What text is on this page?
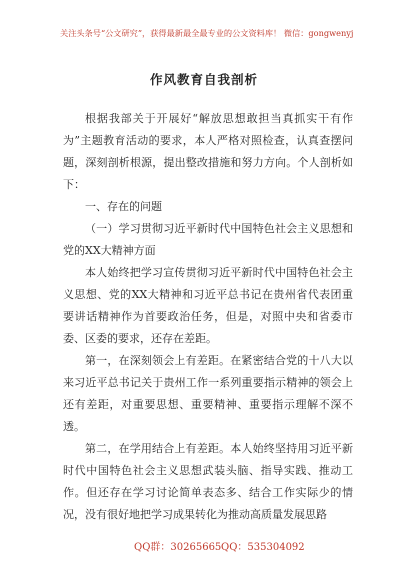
关注头条号“公文研究”，获得最新最全最专业的公文资料库！ 微信：gongwenyj
作风教育自我剖析

根据我部关于开展好“解放思想敢担当真抓实干有作为”主题教育活动的要求，本人严格对照检查，认真查摆问题，深刻剖析根源，提出整改措施和努力方向。个人剖析如下：

一、存在的问题

（一）学习贯彻习近平新时代中国特色社会主义思想和党的XX大精神方面

本人始终把学习宣传贯彻习近平新时代中国特色社会主义思想、党的XX大精神和习近平总书记在贵州省代表团重要讲话精神作为首要政治任务，但是，对照中央和省委市委、区委的要求，还存在差距。

第一，在深刻领会上有差距。在紧密结合党的十八大以来习近平总书记关于贵州工作一系列重要指示精神的领会上还有差距，对重要思想、重要精神、重要指示理解不深不透。

第二，在学用结合上有差距。本人始终坚持用习近平新时代中国特色社会主义思想武装头脑、指导实践、推动工作。但还存在学习讨论简单表态多、结合工作实际少的情况，没有很好地把学习成果转化为推动高质量发展思路

QQ群：30265665 QQ：535304092
